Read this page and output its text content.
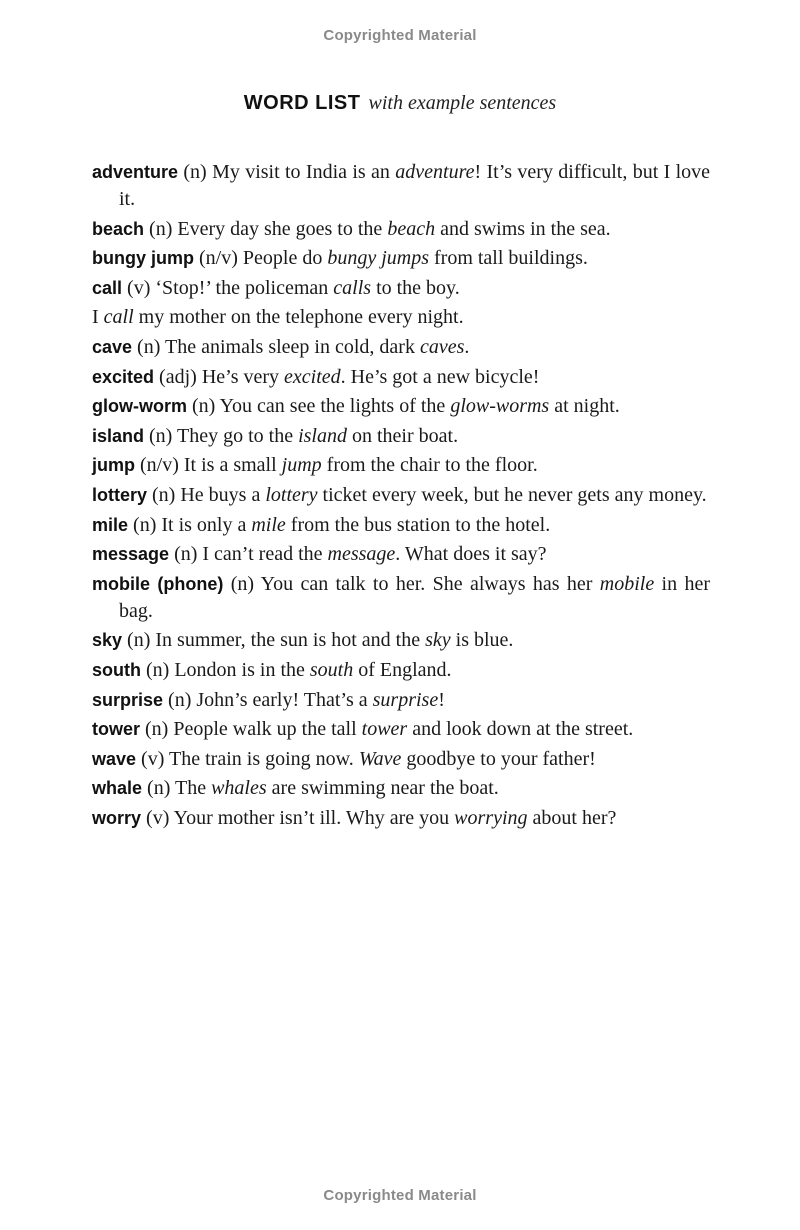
Copyrighted Material
WORD LIST with example sentences

adventure (n) My visit to India is an adventure! It’s very difficult, but I love it.

beach (n) Every day she goes to the beach and swims in the sea.

bungy jump (n/v) People do bungy jumps from tall buildings.

call (v) ‘Stop!’ the policeman calls to the boy.

I call my mother on the telephone every night.

cave (n) The animals sleep in cold, dark caves.

excited (adj) He’s very excited. He’s got a new bicycle!

glow-worm (n) You can see the lights of the glow-worms at night.

island (n) They go to the island on their boat.

jump (n/v) It is a small jump from the chair to the floor.

lottery (n) He buys a lottery ticket every week, but he never gets any money.

mile (n) It is only a mile from the bus station to the hotel.

message (n) I can’t read the message. What does it say?

mobile (phone) (n) You can talk to her. She always has her mobile in her bag.

sky (n) In summer, the sun is hot and the sky is blue.

south (n) London is in the south of England.

surprise (n) John’s early! That’s a surprise!

tower (n) People walk up the tall tower and look down at the street.

wave (v) The train is going now. Wave goodbye to your father!

whale (n) The whales are swimming near the boat.

worry (v) Your mother isn’t ill. Why are you worrying about her?

Copyrighted Material
